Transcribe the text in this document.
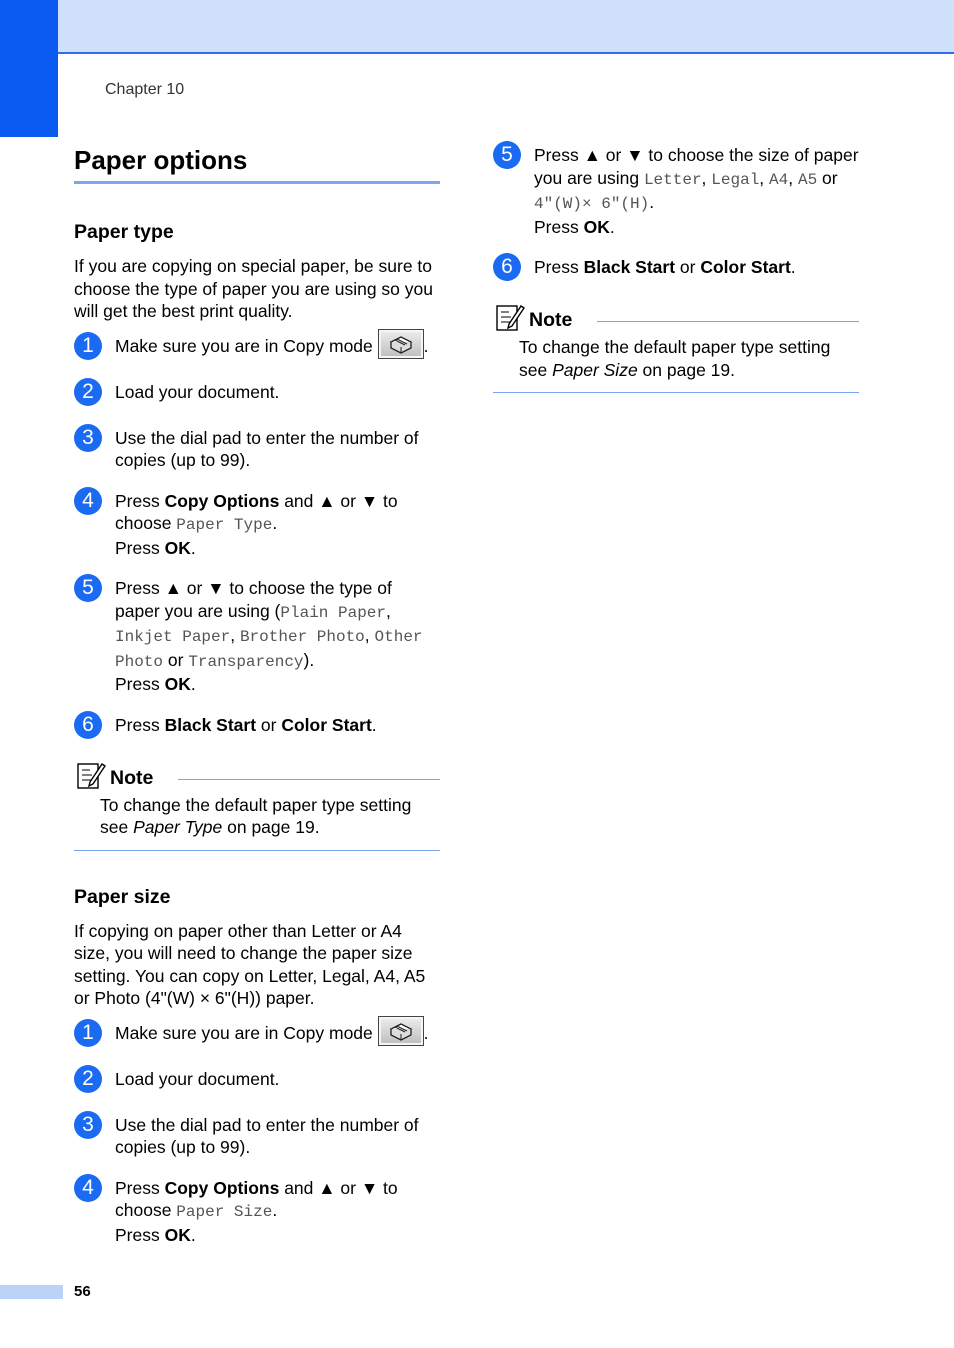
Chapter 10
Paper options
Paper type

If you are copying on special paper, be sure to choose the type of paper you are using so you will get the best print quality.

1	Make sure you are in Copy mode	.
2	Load your document.
3	Use the dial pad to enter the number of copies (up to 99).
4	Press Copy Options and ▲ or ▼ to choose Paper Type.
Press OK.
5	Press ▲ or ▼ to choose the type of paper you are using (Plain Paper, Inkjet Paper, Brother Photo, Other Photo or Transparency).
Press OK.
6	Press Black Start or Color Start.
Note
To change the default paper type setting see Paper Type on page 19.
Paper size

If copying on paper other than Letter or A4 size, you will need to change the paper size setting. You can copy on Letter, Legal, A4, A5 or Photo (4"(W) × 6"(H)) paper.

1	Make sure you are in Copy mode	.
2	Load your document.
3	Use the dial pad to enter the number of copies (up to 99).
4	Press Copy Options and ▲ or ▼ to choose Paper Size.
Press OK.
5	Press ▲ or ▼ to choose the size of paper you are using Letter, Legal, A4, A5 or 4"(W)× 6"(H).
Press OK.
6	Press Black Start or Color Start.
Note
To change the default paper type setting see Paper Size on page 19.
56
